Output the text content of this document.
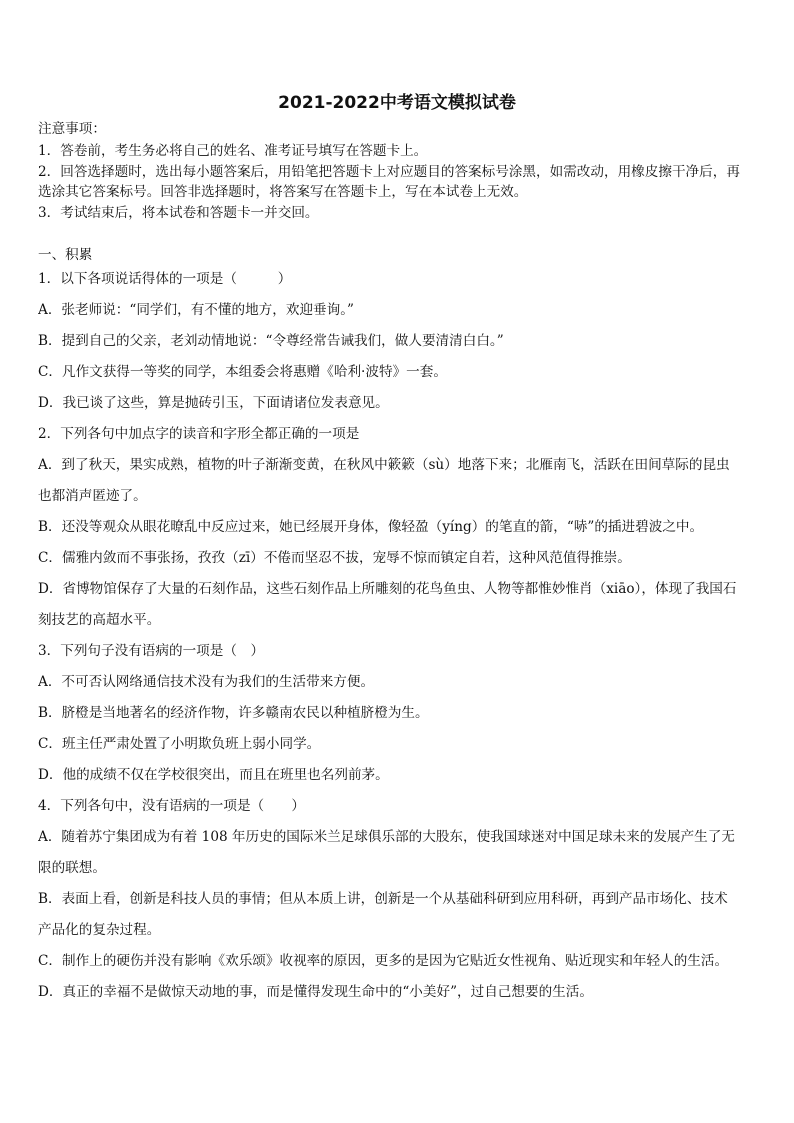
2021-2022中考语文模拟试卷
注意事项：
1．答卷前，考生务必将自己的姓名、准考证号填写在答题卡上。
2．回答选择题时，选出每小题答案后，用铅笔把答题卡上对应题目的答案标号涂黑，如需改动，用橡皮擦干净后，再
选涂其它答案标号。回答非选择题时，将答案写在答题卡上，写在本试卷上无效。
3．考试结束后，将本试卷和答题卡一并交回。
一、积累
1．以下各项说话得体的一项是（　　　）
A．张老师说：“同学们，有不懂的地方，欢迎垂询。”
B．提到自己的父亲，老刘动情地说：“令尊经常告诫我们，做人要清清白白。”
C．凡作文获得一等奖的同学，本组委会将惠赠《哈利·波特》一套。
D．我已谈了这些，算是抛砖引玉，下面请诸位发表意见。
2．下列各句中加点字的读音和字形全都正确的一项是
A．到了秋天，果实成熟，植物的叶子渐渐变黄，在秋风中簌簌（sù）地落下来；北雁南飞，活跃在田间草际的昆虫
也都消声匿迹了。
B．还没等观众从眼花暸乱中反应过来，她已经展开身体，像轻盈（yíng）的笔直的箭，“哧”的插进碧波之中。
C．儒雅内敛而不事张扬，孜孜（zī）不倦而坚忍不拔，宠辱不惊而镇定自若，这种风范值得推崇。
D．省博物馆保存了大量的石刻作品，这些石刻作品上所雕刻的花鸟鱼虫、人物等都惟妙惟肖（xiāo），体现了我国石
刻技艺的高超水平。
3．下列句子没有语病的一项是（　）
A．不可否认网络通信技术没有为我们的生活带来方便。
B．脐橙是当地著名的经济作物，许多赣南农民以种植脐橙为生。
C．班主任严肃处置了小明欺负班上弱小同学。
D．他的成绩不仅在学校很突出，而且在班里也名列前茅。
4．下列各句中，没有语病的一项是（　　）
A．随着苏宁集团成为有着 108 年历史的国际米兰足球俱乐部的大股东，使我国球迷对中国足球未来的发展产生了无
限的联想。
B．表面上看，创新是科技人员的事情；但从本质上讲，创新是一个从基础科研到应用科研，再到产品市场化、技术
产品化的复杂过程。
C．制作上的硬伤并没有影响《欢乐颂》收视率的原因，更多的是因为它贴近女性视角、贴近现实和年轻人的生活。
D．真正的幸福不是做惊天动地的事，而是懂得发现生命中的“小美好”，过自己想要的生活。
